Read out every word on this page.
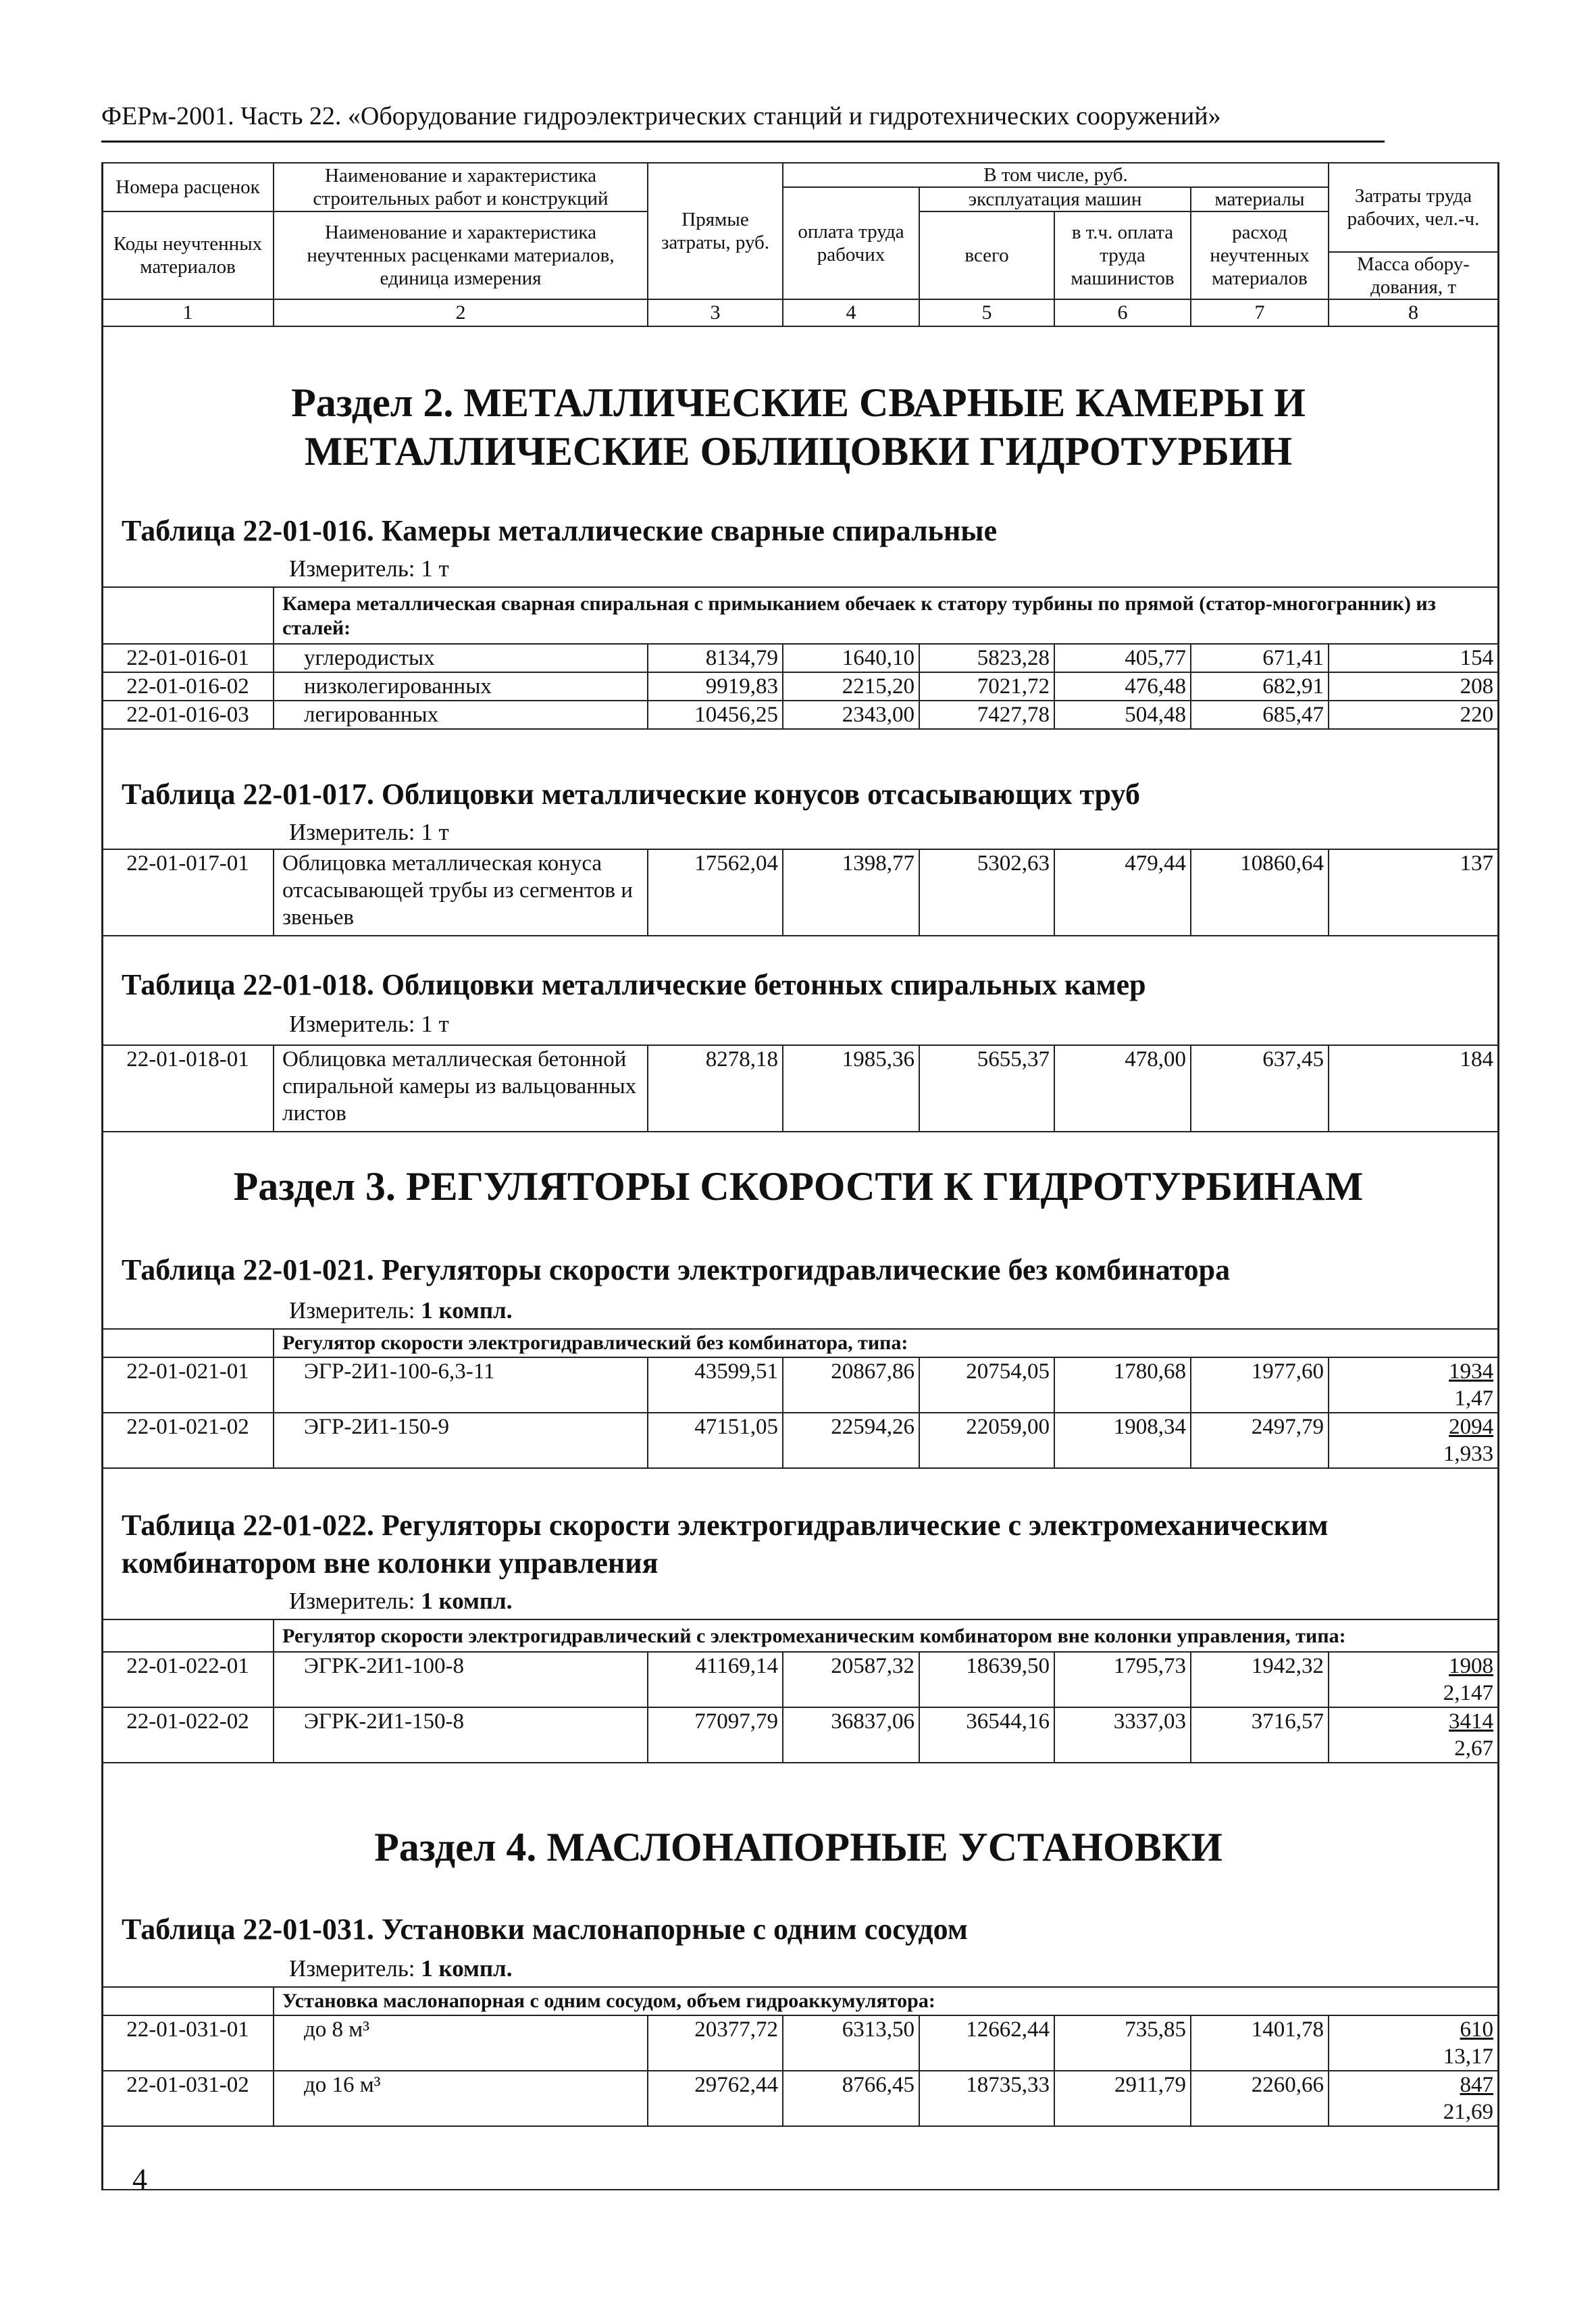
ФЕРм-2001. Часть 22. «Оборудование гидроэлектрических станций и гидротехнических сооружений»
Номера расценок	Наименование и характеристика строительных работ и конструкций	Прямые затраты, руб.	В том числе, руб.				Затраты труда рабочих, чел.-ч.
			оплата труда рабочих	эксплуатация машин		материалы	
Коды неучтенных материалов	Наименование и характеристика неучтенных расценками материалов, единица измерения			всего	в т.ч. оплата труда машинистов	расход неучтенных материалов	
							Масса обору-дования, т
1	2	3	4	5	6	7	8
Раздел 2. МЕТАЛЛИЧЕСКИЕ СВАРНЫЕ КАМЕРЫ И МЕТАЛЛИЧЕСКИЕ ОБЛИЦОВКИ ГИДРОТУРБИН
Таблица 22-01-016. Камеры металлические сварные спиральные
Измеритель: 1 т
	Камера металлическая сварная спиральная с примыканием обечаек к статору турбины по прямой (статор-многогранник) из сталей:						
22-01-016-01	углеродистых	8134,79	1640,10	5823,28	405,77	671,41	154
22-01-016-02	низколегированных	9919,83	2215,20	7021,72	476,48	682,91	208
22-01-016-03	легированных	10456,25	2343,00	7427,78	504,48	685,47	220
Таблица 22-01-017. Облицовки металлические конусов отсасывающих труб
Измеритель: 1 т
22-01-017-01	Облицовка металлическая конуса отсасывающей трубы из сегментов и звеньев	17562,04	1398,77	5302,63	479,44	10860,64	137
Таблица 22-01-018. Облицовки металлические бетонных спиральных камер
Измеритель: 1 т
22-01-018-01	Облицовка металлическая бетонной спиральной камеры из вальцованных листов	8278,18	1985,36	5655,37	478,00	637,45	184
Раздел 3. РЕГУЛЯТОРЫ СКОРОСТИ К ГИДРОТУРБИНАМ
Таблица 22-01-021. Регуляторы скорости электрогидравлические без комбинатора
Измеритель: 1 компл.
	Регулятор скорости электрогидравлический без комбинатора, типа:						
22-01-021-01	ЭГР-2И1-100-6,3-11	43599,51	20867,86	20754,05	1780,68	1977,60	1934
1,47

22-01-021-02	ЭГР-2И1-150-9	47151,05	22594,26	22059,00	1908,34	2497,79	2094
1,933
Таблица 22-01-022. Регуляторы скорости электрогидравлические с электромеханическим комбинатором вне колонки управления
Измеритель: 1 компл.
	Регулятор скорости электрогидравлический с электромеханическим комбинатором вне колонки управления, типа:						
22-01-022-01	ЭГРК-2И1-100-8	41169,14	20587,32	18639,50	1795,73	1942,32	1908
2,147

22-01-022-02	ЭГРК-2И1-150-8	77097,79	36837,06	36544,16	3337,03	3716,57	3414
2,67
Раздел 4. МАСЛОНАПОРНЫЕ УСТАНОВКИ
Таблица 22-01-031. Установки маслонапорные с одним сосудом
Измеритель: 1 компл.
	Установка маслонапорная с одним сосудом, объем гидроаккумулятора:						
22-01-031-01	до 8 м³	20377,72	6313,50	12662,44	735,85	1401,78	610
13,17

22-01-031-02	до 16 м³	29762,44	8766,45	18735,33	2911,79	2260,66	847
21,69
4
